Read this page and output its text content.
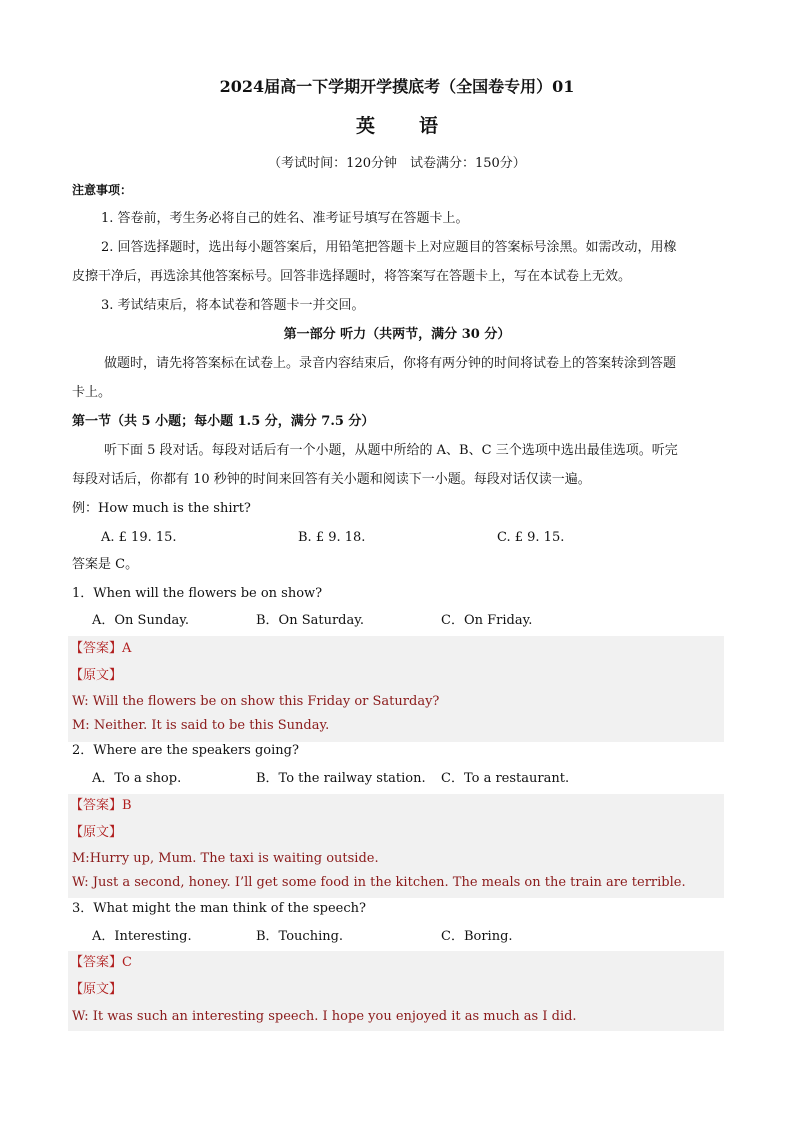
2024届高一下学期开学摸底考（全国卷专用）01
英语
（考试时间：120分钟　试卷满分：150分）
注意事项：
1. 答卷前，考生务必将自己的姓名、准考证号填写在答题卡上。
2. 回答选择题时，选出每小题答案后，用铅笔把答题卡上对应题目的答案标号涂黑。如需改动，用橡
皮擦干净后，再选涂其他答案标号。回答非选择题时，将答案写在答题卡上，写在本试卷上无效。
3. 考试结束后，将本试卷和答题卡一并交回。
第一部分 听力（共两节，满分 30 分）
做题时，请先将答案标在试卷上。录音内容结束后，你将有两分钟的时间将试卷上的答案转涂到答题
卡上。
第一节（共 5 小题；每小题 1.5 分，满分 7.5 分）
听下面 5 段对话。每段对话后有一个小题，从题中所给的 A、B、C 三个选项中选出最佳选项。听完
每段对话后，你都有 10 秒钟的时间来回答有关小题和阅读下一小题。每段对话仅读一遍。
例：How much is the shirt?
A. £ 19. 15.	B. £ 9. 18.	C. £ 9. 15.
答案是 C。
1．When will the flowers be on show?
A．On Sunday.	B．On Saturday.	C．On Friday.
【答案】A
【原文】
W: Will the flowers be on show this Friday or Saturday?
M: Neither. It is said to be this Sunday.
2．Where are the speakers going?
A．To a shop.	B．To the railway station. C．To a restaurant.
【答案】B
【原文】
M:Hurry up, Mum. The taxi is waiting outside.
W: Just a second, honey. I’ll get some food in the kitchen. The meals on the train are terrible.
3．What might the man think of the speech?
A．Interesting.	B．Touching.	C．Boring.
【答案】C
【原文】
W: It was such an interesting speech. I hope you enjoyed it as much as I did.
